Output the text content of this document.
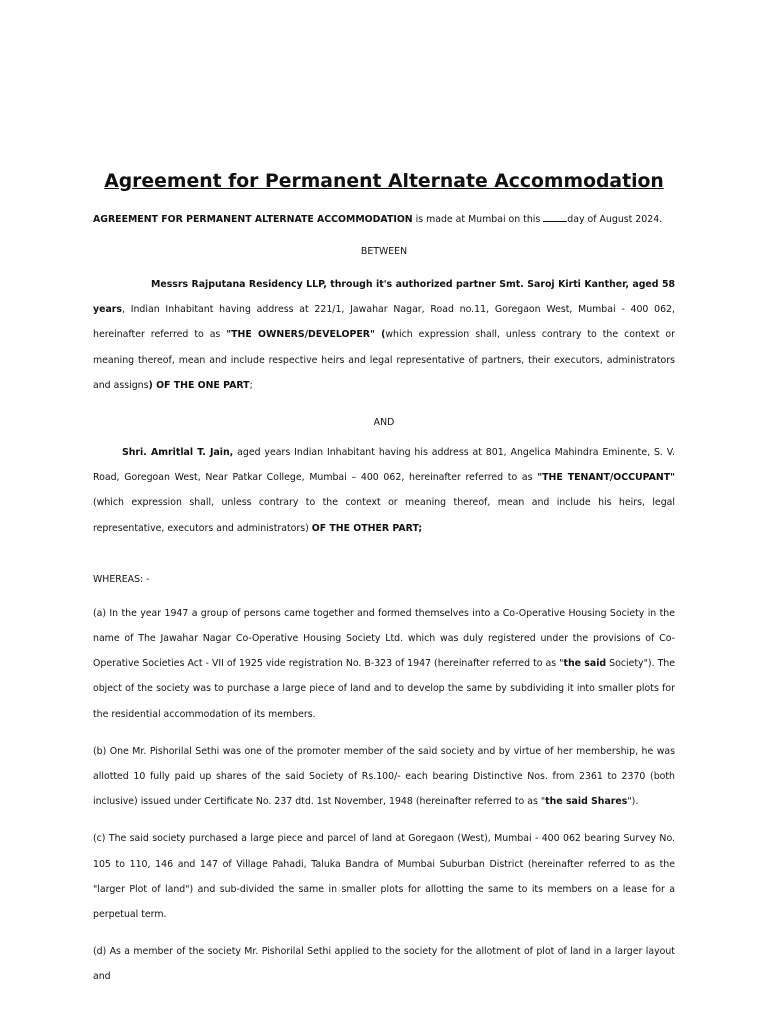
Agreement for Permanent Alternate Accommodation

AGREEMENT FOR PERMANENT ALTERNATE ACCOMMODATION is made at Mumbai on this	day of August 2024.

BETWEEN

Messrs Rajputana Residency LLP, through it's authorized partner Smt. Saroj Kirti Kanther, aged 58 years, Indian Inhabitant having address at 221/1, Jawahar Nagar, Road no.11, Goregaon West, Mumbai - 400 062, hereinafter referred to as "THE OWNERS/DEVELOPER" (which expression shall, unless contrary to the context or meaning thereof, mean and include respective heirs and legal representative of partners, their executors, administrators and assigns) OF THE ONE PART;

AND

Shri. Amritlal T. Jain, aged years Indian Inhabitant having his address at 801, Angelica Mahindra Eminente, S. V. Road, Goregoan West, Near Patkar College, Mumbai – 400 062, hereinafter referred to as "THE TENANT/OCCUPANT" (which expression shall, unless contrary to the context or meaning thereof, mean and include his heirs, legal representative, executors and administrators) OF THE OTHER PART;

WHEREAS: -

(a) In the year 1947 a group of persons came together and formed themselves into a Co-Operative Housing Society in the name of The Jawahar Nagar Co-Operative Housing Society Ltd. which was duly registered under the provisions of Co-Operative Societies Act - VII of 1925 vide registration No. B-323 of 1947 (hereinafter referred to as "the said Society"). The object of the society was to purchase a large piece of land and to develop the same by subdividing it into smaller plots for the residential accommodation of its members.

(b) One Mr. Pishorilal Sethi was one of the promoter member of the said society and by virtue of her membership, he was allotted 10 fully paid up shares of the said Society of Rs.100/- each bearing Distinctive Nos. from 2361 to 2370 (both inclusive) issued under Certificate No. 237 dtd. 1st November, 1948 (hereinafter referred to as "the said Shares").

(c) The said society purchased a large piece and parcel of land at Goregaon (West), Mumbai - 400 062 bearing Survey No. 105 to 110, 146 and 147 of Village Pahadi, Taluka Bandra of Mumbai Suburban District (hereinafter referred to as the "larger Plot of land") and sub-divided the same in smaller plots for allotting the same to its members on a lease for a perpetual term.

(d) As a member of the society Mr. Pishorilal Sethi applied to the society for the allotment of plot of land in a larger layout and
